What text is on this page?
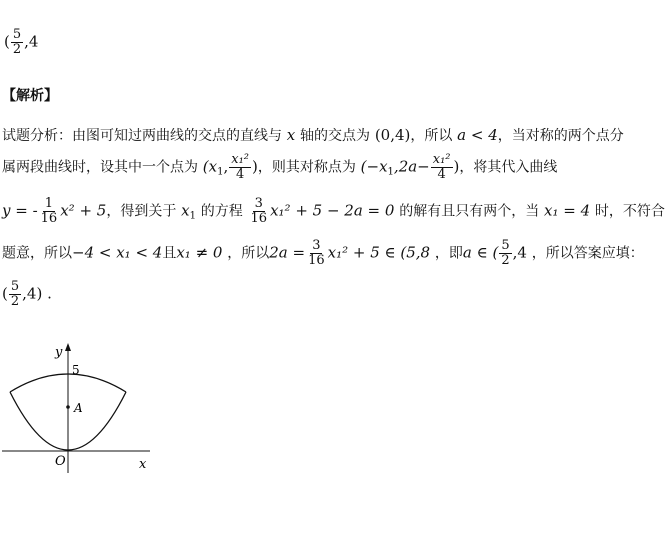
( $\frac{5}{2} ,4$
【解析】
试题分析：由图可知过两曲线的交点的直线与 x 轴的交点为 (0,4)，所以 a < 4，当对称的两个点分
属两段曲线时，设其中一个点为 ($x_1$, $\frac{\text{x₁²}}{4}$ )，则其对称点为 ($-x_1,2a- \frac{\text{x₁²}}{4}$ )，将其代入曲线
y = - $\frac{1}{16} x^2 + 5$，得到关于 $x_1$ 的方程 $\frac{3}{16} x_1^2 + 5 - 2a = 0$ 的解有且只有两个，当 x₁ = 4 时，不符合
题意，所以−4 < x₁ < 4且x₁ ≠ 0 ，所以$2a = \frac{3}{16} x_1^2 + 5$ ∈ (5,8 ，即a ∈ ( $\frac{5}{2} ,4$ ，所以答案应填：
( $\frac{5}{2} ,4$) .
A
y
x
O
5
